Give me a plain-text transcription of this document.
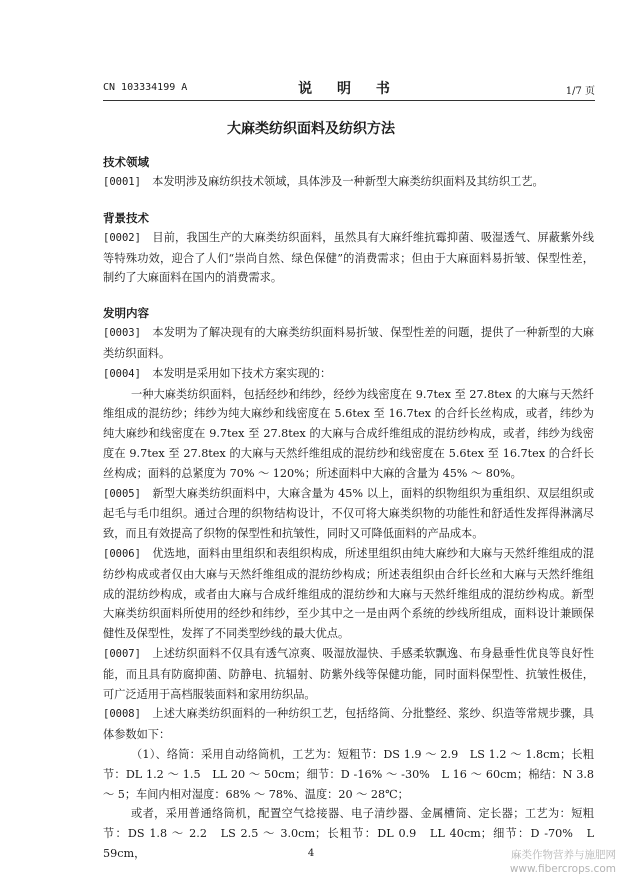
CN 103334199 A	说 明 书	1/7 页
大麻类纺织面料及纺织方法
技术领域
[0001]　 本发明涉及麻纺织技术领域，具体涉及一种新型大麻类纺织面料及其纺织工艺。
背景技术
[0002]　 目前，我国生产的大麻类纺织面料，虽然具有大麻纤维抗霉抑菌、吸湿透气、屏蔽紫外线等特殊功效，迎合了人们“崇尚自然、绿色保健”的消费需求；但由于大麻面料易折皱、保型性差，制约了大麻面料在国内的消费需求。
发明内容
[0003]　 本发明为了解决现有的大麻类纺织面料易折皱、保型性差的问题，提供了一种新型的大麻类纺织面料。
[0004]　 本发明是采用如下技术方案实现的：
一种大麻类纺织面料，包括经纱和纬纱，经纱为线密度在 9.7tex 至 27.8tex 的大麻与天然纤维组成的混纺纱；纬纱为纯大麻纱和线密度在 5.6tex 至 16.7tex 的合纤长丝构成，或者，纬纱为纯大麻纱和线密度在 9.7tex 至 27.8tex 的大麻与合成纤维组成的混纺纱构成，或者，纬纱为线密度在 9.7tex 至 27.8tex 的大麻与天然纤维组成的混纺纱和线密度在 5.6tex 至 16.7tex 的合纤长丝构成；面料的总紧度为 70% ～ 120%；所述面料中大麻的含量为 45% ～ 80%。
[0005]　 新型大麻类纺织面料中，大麻含量为 45% 以上，面料的织物组织为重组织、双层组织或起毛与毛巾组织。通过合理的织物结构设计，不仅可将大麻类织物的功能性和舒适性发挥得淋漓尽致，而且有效提高了织物的保型性和抗皱性，同时又可降低面料的产品成本。
[0006]　 优选地，面料由里组织和表组织构成，所述里组织由纯大麻纱和大麻与天然纤维组成的混纺纱构成或者仅由大麻与天然纤维组成的混纺纱构成；所述表组织由合纤长丝和大麻与天然纤维组成的混纺纱构成，或者由大麻与合成纤维组成的混纺纱和大麻与天然纤维组成的混纺纱构成。新型大麻类纺织面料所使用的经纱和纬纱，至少其中之一是由两个系统的纱线所组成，面料设计兼顾保健性及保型性，发挥了不同类型纱线的最大优点。
[0007]　 上述纺织面料不仅具有透气凉爽、吸湿放湿快、手感柔软飘逸、布身悬垂性优良等良好性能，而且具有防腐抑菌、防静电、抗辐射、防紫外线等保健功能，同时面料保型性、抗皱性极佳，可广泛适用于高档服装面料和家用纺织品。
[0008]　 上述大麻类纺织面料的一种纺织工艺，包括络筒、分批整经、浆纱、织造等常规步骤，具体参数如下：
（1）、络筒：采用自动络筒机，工艺为：短粗节：DS 1.9 ～ 2.9　LS 1.2 ～ 1.8cm；长粗节：DL 1.2 ～ 1.5　LL 20 ～ 50cm；细节：D -16% ～ -30%　L 16 ～ 60cm；棉结：N 3.8 ～ 5；车间内相对湿度：68% ～ 78%、温度：20 ～ 28℃；
或者，采用普通络筒机，配置空气捻接器、电子清纱器、金属槽筒、定长器；工艺为：短粗节：DS 1.8 ～ 2.2　LS 2.5 ～ 3.0cm；长粗节：DL 0.9　LL 40cm；细节：D -70%　L 59cm，	4	麻类作物营养与施肥网
www.fibercrops.com
